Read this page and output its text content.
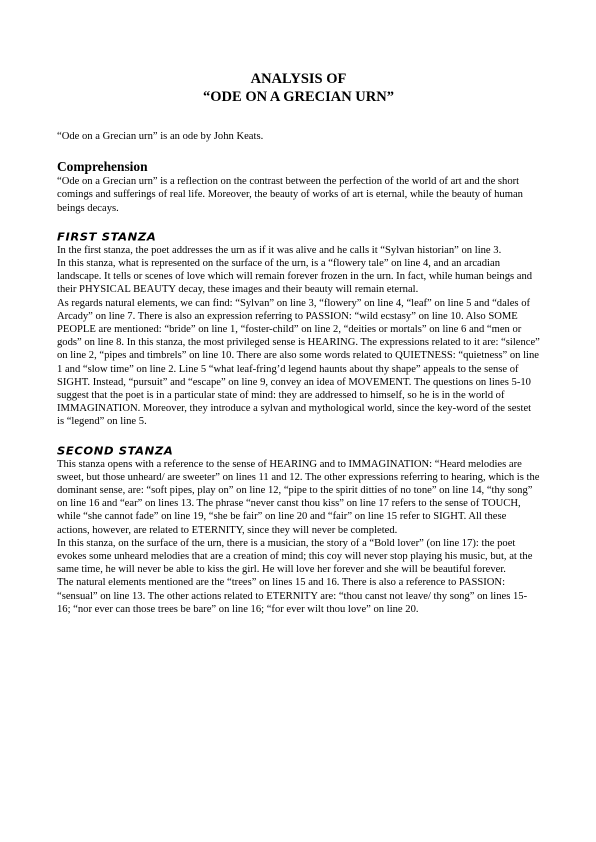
ANALYSIS OF
“ODE ON A GRECIAN URN”

“Ode on a Grecian urn” is an ode by John Keats.

Comprehension

“Ode on a Grecian urn” is a reflection on the contrast between the perfection of the world of art and the short comings and sufferings of real life. Moreover, the beauty of works of art is eternal, while the beauty of human beings decays.

FIRST STANZA

In the first stanza, the poet addresses the urn as if it was alive and he calls it “Sylvan historian” on line 3.

In this stanza, what is represented on the surface of the urn, is a “flowery tale” on line 4, and an arcadian landscape. It tells or scenes of love which will remain forever frozen in the urn. In fact, while human beings and their PHYSICAL BEAUTY decay, these images and their beauty will remain eternal.

As regards natural elements, we can find: “Sylvan” on line 3, “flowery” on line 4, “leaf” on line 5 and “dales of Arcady” on line 7. There is also an expression referring to PASSION: “wild ecstasy” on line 10. Also SOME PEOPLE are mentioned: “bride” on line 1, “foster-child” on line 2, “deities or mortals” on line 6 and “men or gods” on line 8. In this stanza, the most privileged sense is HEARING. The expressions related to it are: “silence” on line 2, “pipes and timbrels” on line 10. There are also some words related to QUIETNESS: “quietness” on line 1 and “slow time” on line 2. Line 5 “what leaf-fring’d legend haunts about thy shape” appeals to the sense of SIGHT. Instead, “pursuit” and “escape” on line 9, convey an idea of MOVEMENT. The questions on lines 5-10 suggest that the poet is in a particular state of mind: they are addressed to himself, so he is in the world of IMMAGINATION. Moreover, they introduce a sylvan and mythological world, since the key-word of the sestet is “legend” on line 5.

SECOND STANZA

This stanza opens with a reference to the sense of HEARING and to IMMAGINATION: “Heard melodies are sweet, but those unheard/ are sweeter” on lines 11 and 12. The other expressions referring to hearing, which is the dominant sense, are: “soft pipes, play on” on line 12, “pipe to the spirit ditties of no tone” on line 14, “thy song” on line 16 and “ear” on lines 13. The phrase “never canst thou kiss” on line 17 refers to the sense of TOUCH, while “she cannot fade” on line 19, “she be fair” on line 20 and “fair” on line 15 refer to SIGHT. All these actions, however, are related to ETERNITY, since they will never be completed.

In this stanza, on the surface of the urn, there is a musician, the story of a “Bold lover” (on line 17): the poet evokes some unheard melodies that are a creation of mind; this coy will never stop playing his music, but, at the same time, he will never be able to kiss the girl. He will love her forever and she will be beautiful forever.

The natural elements mentioned are the “trees” on lines 15 and 16. There is also a reference to PASSION: “sensual” on line 13. The other actions related to ETERNITY are: “thou canst not leave/ thy song” on lines 15-16; “nor ever can those trees be bare” on line 16; “for ever wilt thou love” on line 20.
